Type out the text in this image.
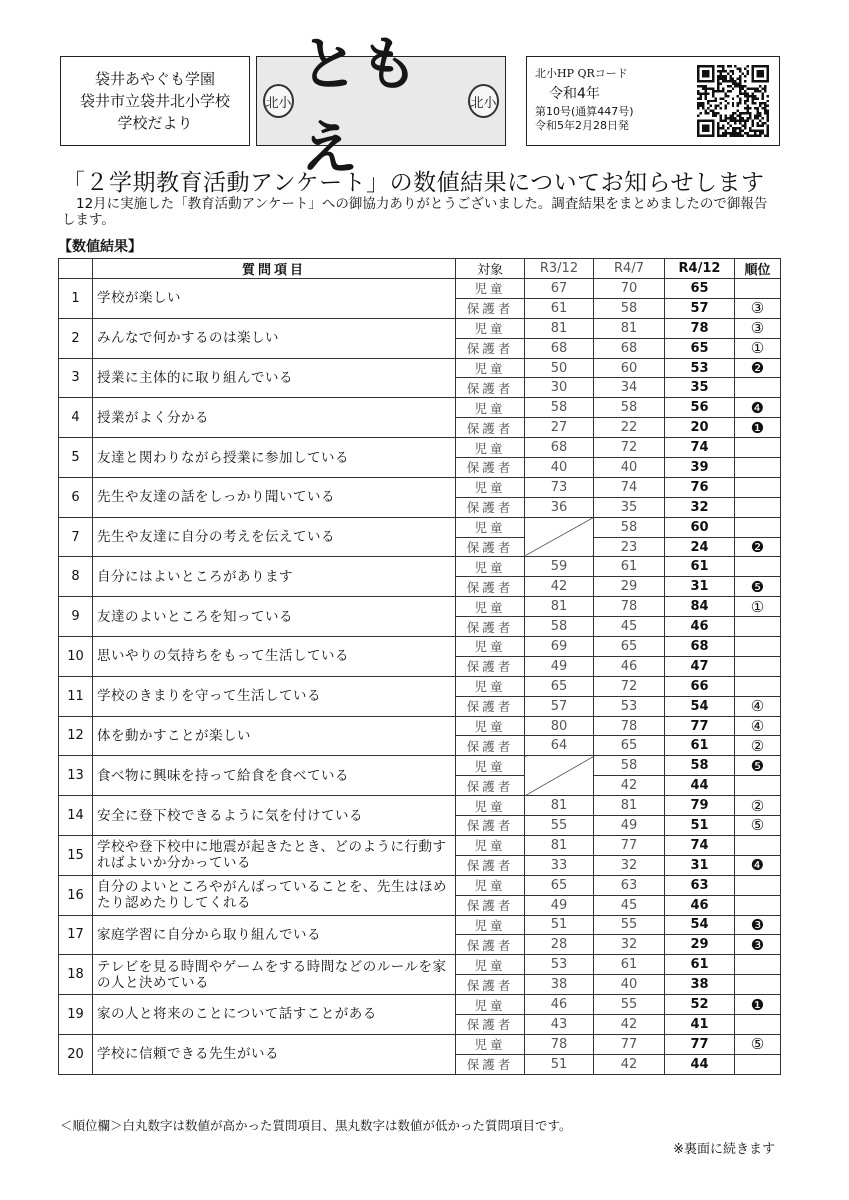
袋井あやぐも学園
袋井市立袋井北小学校
学校だより
北小
ともえ
北小
北小HP QRコード
令和4年
第10号(通算447号)
令和5年2月28日発
「２学期教育活動アンケート」の数値結果についてお知らせします
12月に実施した「教育活動アンケート」への御協力ありがとうございました。調査結果をまとめましたので御報告します。
【数値結果】
	質問項目	対象	R3/12	R4/7	R4/12	順位
1	学校が楽しい	児童	67	70	65	
		保護者	61	58	57	③
2	みんなで何かするのは楽しい	児童	81	81	78	③
		保護者	68	68	65	①
3	授業に主体的に取り組んでいる	児童	50	60	53	❷
		保護者	30	34	35	
4	授業がよく分かる	児童	58	58	56	❹
		保護者	27	22	20	❶
5	友達と関わりながら授業に参加している	児童	68	72	74	
		保護者	40	40	39	
6	先生や友達の話をしっかり聞いている	児童	73	74	76	
		保護者	36	35	32	
7	先生や友達に自分の考えを伝えている	児童		58	60	
		保護者		23	24	❷
8	自分にはよいところがあります	児童	59	61	61	
		保護者	42	29	31	❺
9	友達のよいところを知っている	児童	81	78	84	①
		保護者	58	45	46	
10	思いやりの気持ちをもって生活している	児童	69	65	68	
		保護者	49	46	47	
11	学校のきまりを守って生活している	児童	65	72	66	
		保護者	57	53	54	④
12	体を動かすことが楽しい	児童	80	78	77	④
		保護者	64	65	61	②
13	食べ物に興味を持って給食を食べている	児童		58	58	❺
		保護者		42	44	
14	安全に登下校できるように気を付けている	児童	81	81	79	②
		保護者	55	49	51	⑤
15	学校や登下校中に地震が起きたとき、どのように行動すればよいか分かっている	児童	81	77	74	
		保護者	33	32	31	❹
16	自分のよいところやがんばっていることを、先生はほめたり認めたりしてくれる	児童	65	63	63	
		保護者	49	45	46	
17	家庭学習に自分から取り組んでいる	児童	51	55	54	❸
		保護者	28	32	29	❸
18	テレビを見る時間やゲームをする時間などのルールを家の人と決めている	児童	53	61	61	
		保護者	38	40	38	
19	家の人と将来のことについて話すことがある	児童	46	55	52	❶
		保護者	43	42	41	
20	学校に信頼できる先生がいる	児童	78	77	77	⑤
		保護者	51	42	44	
＜順位欄＞白丸数字は数値が高かった質問項目、黒丸数字は数値が低かった質問項目です。
※裏面に続きます
